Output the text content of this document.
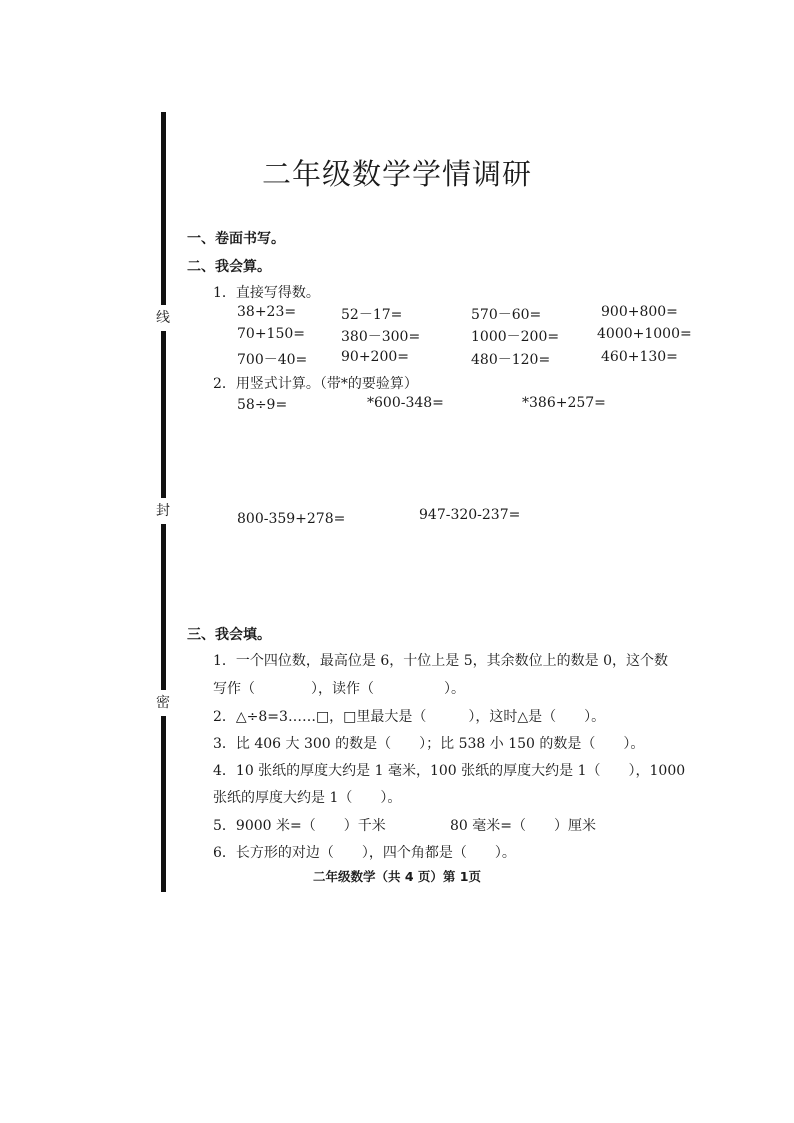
线
封
密
二年级数学学情调研
一、卷面书写。
二、我会算。
1．直接写得数。
38+23=	52－17=	570－60=	900+800=
70+150=	380－300=	1000－200=	4000+1000=
700－40= 90+200=	480－120=	460+130=
2．用竖式计算。（带*的要验算）
58÷9=	*600-348=	*386+257=
800-359+278=	947-320-237=
三、我会填。
1．一个四位数，最高位是 6，十位上是 5，其余数位上的数是 0，这个数
写作（　　　　），读作（　　　　　）。
2．△÷8=3……□，□里最大是（　　　），这时△是（　　）。
3．比 406 大 300 的数是（　　）；比 538 小 150 的数是（　　）。
4．10 张纸的厚度大约是 1 毫米，100 张纸的厚度大约是 1（　　），1000
张纸的厚度大约是 1（　　）。
5．9000 米=（　　）千米	80 毫米=（　　）厘米
6．长方形的对边（　　），四个角都是（　　）。
二年级数学（共 4 页）第 1页
